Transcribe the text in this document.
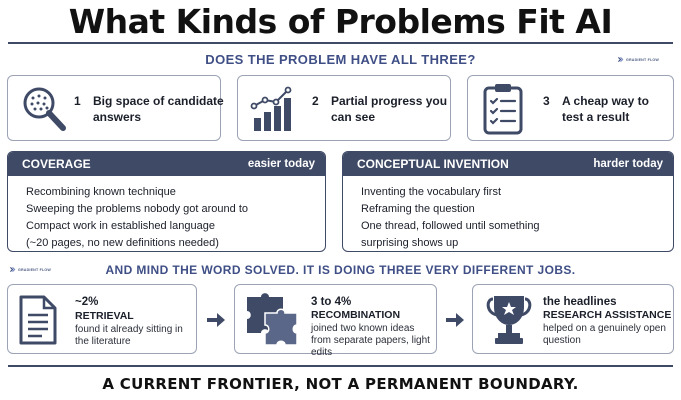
What Kinds of Problems Fit AI
DOES THE PROBLEM HAVE ALL THREE?	GRADIENT FLOW
1 Big space of candidate answers
2 Partial progress you can see
3 A cheap way to test a result
COVERAGE	easier today
Recombining known technique
Sweeping the problems nobody got around to
Compact work in established language
(~20 pages, no new definitions needed)
CONCEPTUAL INVENTION	harder today
Inventing the vocabulary first
Reframing the question
One thread, followed until something
surprising shows up
GRADIENT FLOW	AND MIND THE WORD SOLVED. IT IS DOING THREE VERY DIFFERENT JOBS.
~2%
RETRIEVAL
found it already sitting in the literature
3 to 4%
RECOMBINATION
joined two known ideas from separate papers, light edits
the headlines
RESEARCH ASSISTANCE
helped on a genuinely open question
A CURRENT FRONTIER, NOT A PERMANENT BOUNDARY.
